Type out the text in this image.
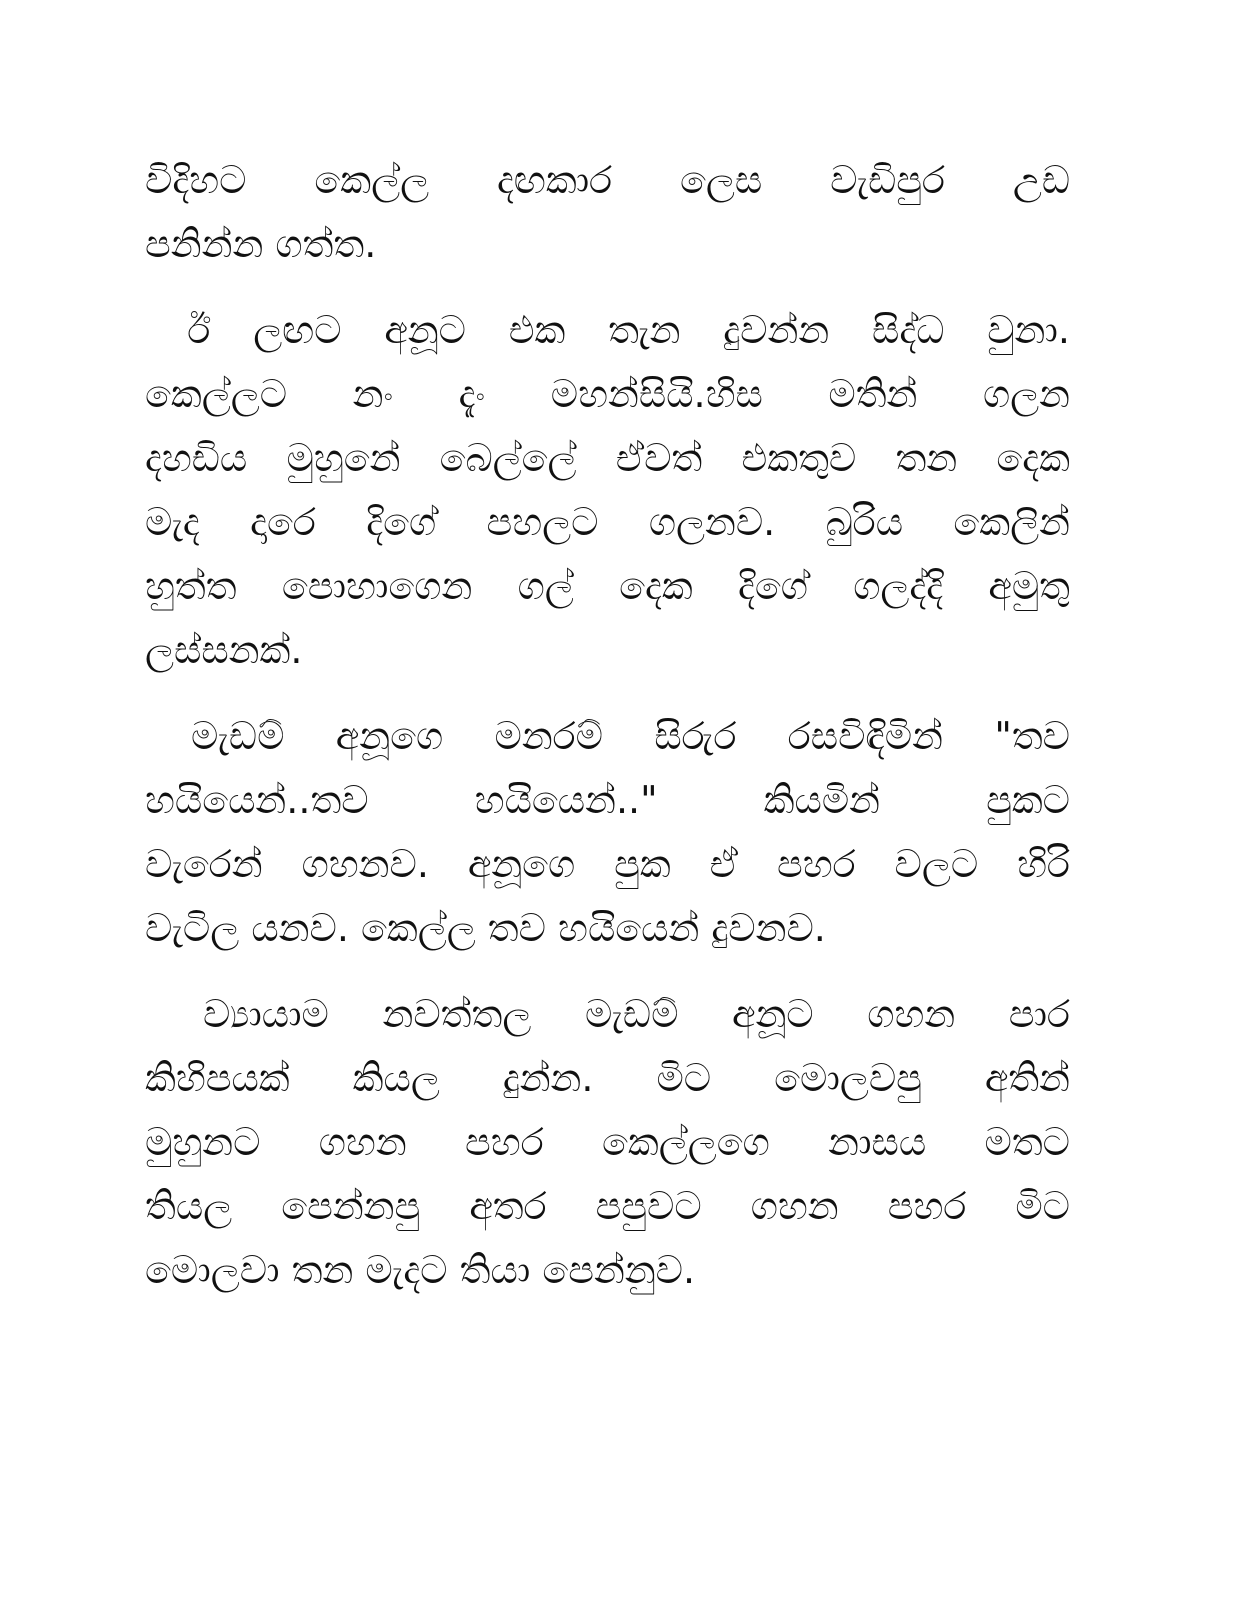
විදිහට කෙල්ල දඟකාර ලෙස වැඩිපුර උඩ
පනින්න ගත්ත.
ඊ ලඟට අනූට එක තැන දුවන්න සිද්ධ වුනා.
කෙල්ලට නං දැං මහන්සියි.හිස මතින් ගලන
දහඩිය මුහුනේ බෙල්ලේ ඒවත් එකතුව තන දෙක
මැද දාරෙ දිගේ පහලට ගලනව. බුරිය කෙලින්
හුත්ත පොහාගෙන ගල් දෙක දිගේ ගලද්දි අමුතු
ලස්සනක්.
මැඩම් අනූගෙ මනරම් සිරුර රසවිඳිමින් "තව
හයියෙන්..තව හයියෙන්.." කියමින් පුකට
වැරෙන් ගහනව. අනූගෙ පුක ඒ පහර වලට හිරි
වැටිල යනව. කෙල්ල තව හයියෙන් දුවනව.
ව්‍යායාම නවත්තල මැඩම් අනූට ගහන පාර
කිහිපයක් කියල දුන්න. මිට මොලවපු අතින්
මුහුනට ගහන පහර කෙල්ලගෙ නාසය මතට
තියල පෙන්නපු අතර පපුවට ගහන පහර මිට
මොලවා තන මැදට තියා පෙන්නුව.
